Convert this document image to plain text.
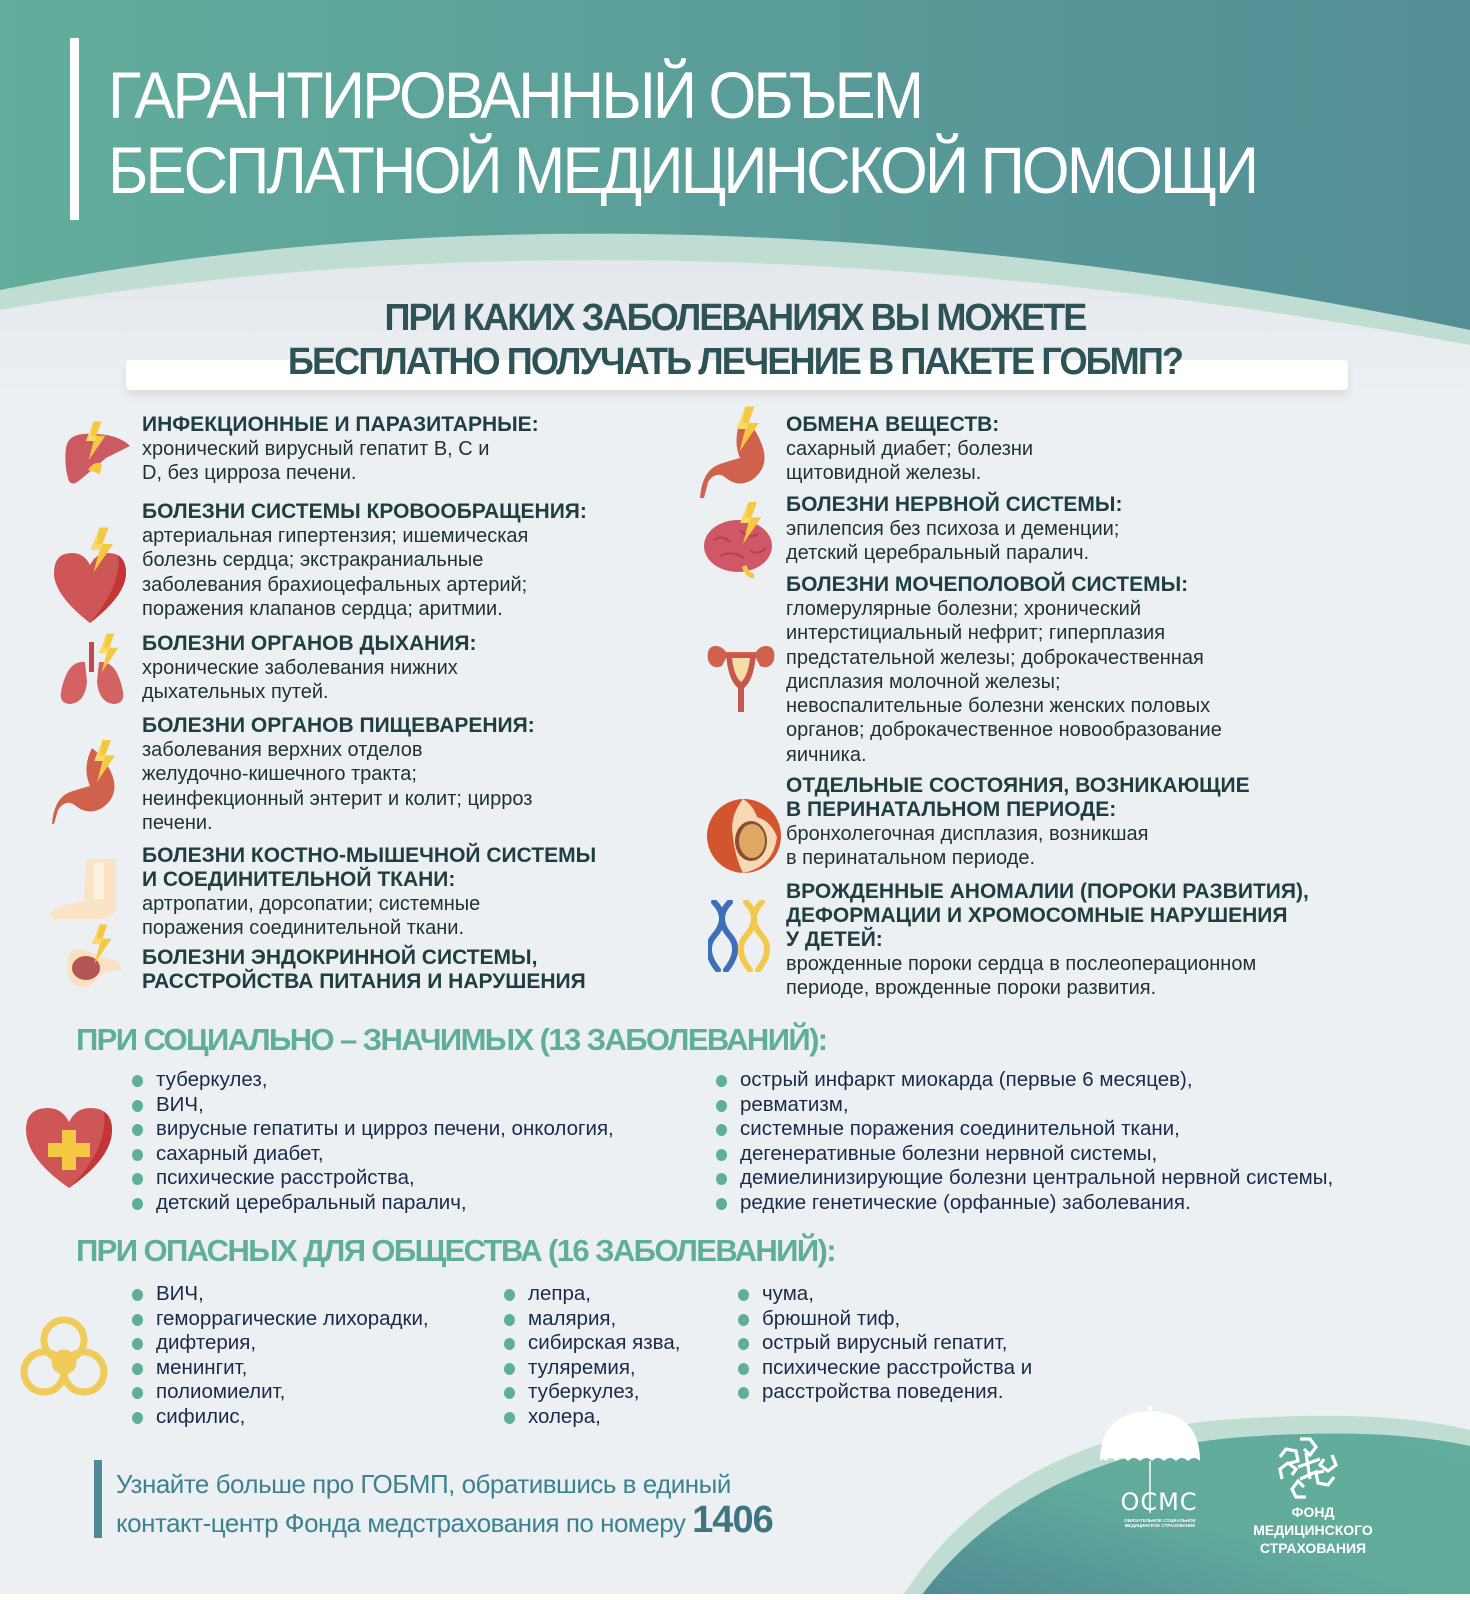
ГАРАНТИРОВАННЫЙ ОБЪЕМ
БЕСПЛАТНОЙ МЕДИЦИНСКОЙ ПОМОЩИ
ПРИ КАКИХ ЗАБОЛЕВАНИЯХ ВЫ МОЖЕТЕ
БЕСПЛАТНО ПОЛУЧАТЬ ЛЕЧЕНИЕ В ПАКЕТЕ ГОБМП?
ИНФЕКЦИОННЫЕ И ПАРАЗИТАРНЫЕ:
хронический вирусный гепатит B, C и
D, без цирроза печени.
БОЛЕЗНИ СИСТЕМЫ КРОВООБРАЩЕНИЯ:
артериальная гипертензия; ишемическая
болезнь сердца; экстракраниальные
заболевания брахиоцефальных артерий;
поражения клапанов сердца; аритмии.
БОЛЕЗНИ ОРГАНОВ ДЫХАНИЯ:
хронические заболевания нижних
дыхательных путей.
БОЛЕЗНИ ОРГАНОВ ПИЩЕВАРЕНИЯ:
заболевания верхних отделов
желудочно-кишечного тракта;
неинфекционный энтерит и колит; цирроз
печени.
БОЛЕЗНИ КОСТНО-МЫШЕЧНОЙ СИСТЕМЫ
И СОЕДИНИТЕЛЬНОЙ ТКАНИ:
артропатии, дорсопатии; системные
поражения соединительной ткани.
БОЛЕЗНИ ЭНДОКРИННОЙ СИСТЕМЫ,
РАССТРОЙСТВА ПИТАНИЯ И НАРУШЕНИЯ
ОБМЕНА ВЕЩЕСТВ:
сахарный диабет; болезни
щитовидной железы.
БОЛЕЗНИ НЕРВНОЙ СИСТЕМЫ:
эпилепсия без психоза и деменции;
детский церебральный паралич.
БОЛЕЗНИ МОЧЕПОЛОВОЙ СИСТЕМЫ:
гломерулярные болезни; хронический
интерстициальный нефрит; гиперплазия
предстательной железы; доброкачественная
дисплазия молочной железы;
невоспалительные болезни женских половых
органов; доброкачественное новообразование
яичника.
ОТДЕЛЬНЫЕ СОСТОЯНИЯ, ВОЗНИКАЮЩИЕ
В ПЕРИНАТАЛЬНОМ ПЕРИОДЕ:
бронхолегочная дисплазия, возникшая
в перинатальном периоде.
ВРОЖДЕННЫЕ АНОМАЛИИ (ПОРОКИ РАЗВИТИЯ),
ДЕФОРМАЦИИ И ХРОМОСОМНЫЕ НАРУШЕНИЯ
У ДЕТЕЙ:
врожденные пороки сердца в послеоперационном
периоде, врожденные пороки развития.
ПРИ СОЦИАЛЬНО – ЗНАЧИМЫХ (13 ЗАБОЛЕВАНИЙ):
туберкулез,
ВИЧ,
вирусные гепатиты и цирроз печени, онкология,
сахарный диабет,
психические расстройства,
детский церебральный паралич,
острый инфаркт миокарда (первые 6 месяцев),
ревматизм,
системные поражения соединительной ткани,
дегенеративные болезни нервной системы,
демиелинизирующие болезни центральной нервной системы,
редкие генетические (орфанные) заболевания.
ПРИ ОПАСНЫХ ДЛЯ ОБЩЕСТВА (16 ЗАБОЛЕВАНИЙ):
ВИЧ,
геморрагические лихорадки,
дифтерия,
менингит,
полиомиелит,
сифилис,
лепра,
малярия,
сибирская язва,
туляремия,
туберкулез,
холера,
чума,
брюшной тиф,
острый вирусный гепатит,
психические расстройства и
расстройства поведения.
ОСМС
ОБЯЗАТЕЛЬНОЕ СОЦИАЛЬНОЕ
МЕДИЦИНСКОЕ СТРАХОВАНИЕ
ФОНД
МЕДИЦИНСКОГО
СТРАХОВАНИЯ
Узнайте больше про ГОБМП, обратившись в единый
контакт-центр Фонда медстрахования по номеру 1406
